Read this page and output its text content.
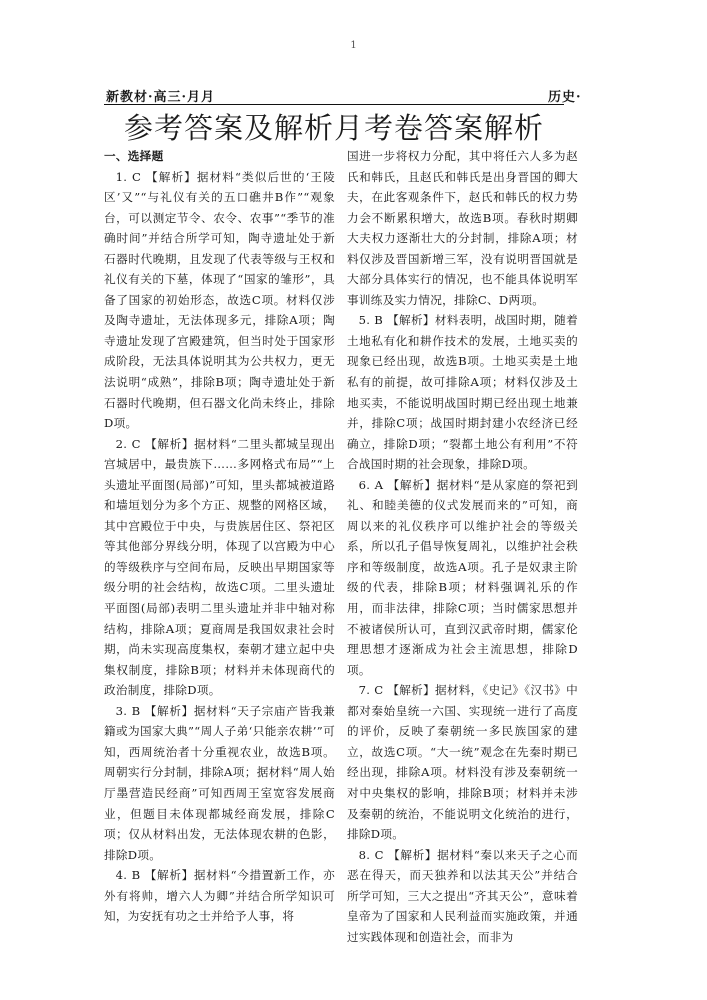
1
新教材·高三·月月	历史·
参考答案及解析月考卷答案解析

一、选择题

1. C 【解析】据材料“类似后世的‘王陵区’又”“与礼仪有关的五口礁井B作”“观象台，可以测定节令、农令、农事”“季节的准确时间”并结合所学可知，陶寺遗址处于新石器时代晚期，且发现了代表等级与王权和礼仪有关的下墓，体现了“国家的雏形”，具备了国家的初始形态，故选C项。材料仅涉及陶寺遗址，无法体现多元，排除A项；陶寺遗址发现了宫殿建筑，但当时处于国家形成阶段，无法具体说明其为公共权力，更无法说明“成熟”，排除B项；陶寺遗址处于新石器时代晚期，但石器文化尚未终止，排除D项。

2. C 【解析】据材料“二里头都城呈现出宫城居中，最贵族下……多网格式布局”“上头遗址平面图(局部)”可知，里头都城被道路和墙垣划分为多个方正、规整的网格区域，其中宫殿位于中央，与贵族居住区、祭祀区等其他部分界线分明，体现了以宫殿为中心的等级秩序与空间布局，反映出早期国家等级分明的社会结构，故选C项。二里头遗址平面图(局部)表明二里头遗址并非中轴对称结构，排除A项；夏商周是我国奴隶社会时期，尚未实现高度集权，秦朝才建立起中央集权制度，排除B项；材料并未体现商代的政治制度，排除D项。

3. B 【解析】据材料“天子宗庙产皆我兼籍或为国家大典”“周人子弟‘只能亲农耕’”可知，西周统治者十分重视农业，故选B项。周朝实行分封制，排除A项；据材料“周人始厅墨营造民经商”可知西周王室宽容发展商业，但题目未体现都城经商发展，排除C项；仅从材料出发，无法体现农耕的色影，排除D项。

4. B 【解析】据材料“今措置新工作，亦外有将帅，增六人为卿”并结合所学知识可知，为安抚有功之士并给予人事，将

国进一步将权力分配，其中将任六人多为赵氏和韩氏，且赵氏和韩氏是出身晋国的卿大夫，在此客观条件下，赵氏和韩氏的权力势力会不断累积增大，故选B项。春秋时期卿大夫权力逐渐壮大的分封制，排除A项；材料仅涉及晋国新增三军，没有说明晋国就是大部分具体实行的情况，也不能具体说明军事训练及实力情况，排除C、D两项。

5. B 【解析】材料表明，战国时期，随着土地私有化和耕作技术的发展，土地买卖的现象已经出现，故选B项。土地买卖是土地私有的前提，故可排除A项；材料仅涉及土地买卖，不能说明战国时期已经出现土地兼并，排除C项；战国时期封建小农经济已经确立，排除D项；“裂都土地公有利用”不符合战国时期的社会现象，排除D项。

6. A 【解析】据材料“是从家庭的祭祀到礼、和睦美德的仪式发展而来的”可知，商周以来的礼仪秩序可以维护社会的等级关系，所以孔子倡导恢复周礼，以维护社会秩序和等级制度，故选A项。孔子是奴隶主阶级的代表，排除B项；材料强调礼乐的作用，而非法律，排除C项；当时儒家思想并不被诸侯所认可，直到汉武帝时期，儒家伦理思想才逐渐成为社会主流思想，排除D项。

7. C 【解析】据材料，《史记》《汉书》中都对秦始皇统一六国、实现统一进行了高度的评价，反映了秦朝统一多民族国家的建立，故选C项。“大一统”观念在先秦时期已经出现，排除A项。材料没有涉及秦朝统一对中央集权的影响，排除B项；材料并未涉及秦朝的统治，不能说明文化统治的进行，排除D项。

8. C 【解析】据材料“秦以来天子之心而恶在得天，而天独养和以法其天公”并结合所学可知，三大之提出“齐其天公”，意味着皇帝为了国家和人民利益而实施政策，并通过实践体现和创造社会，而非为
